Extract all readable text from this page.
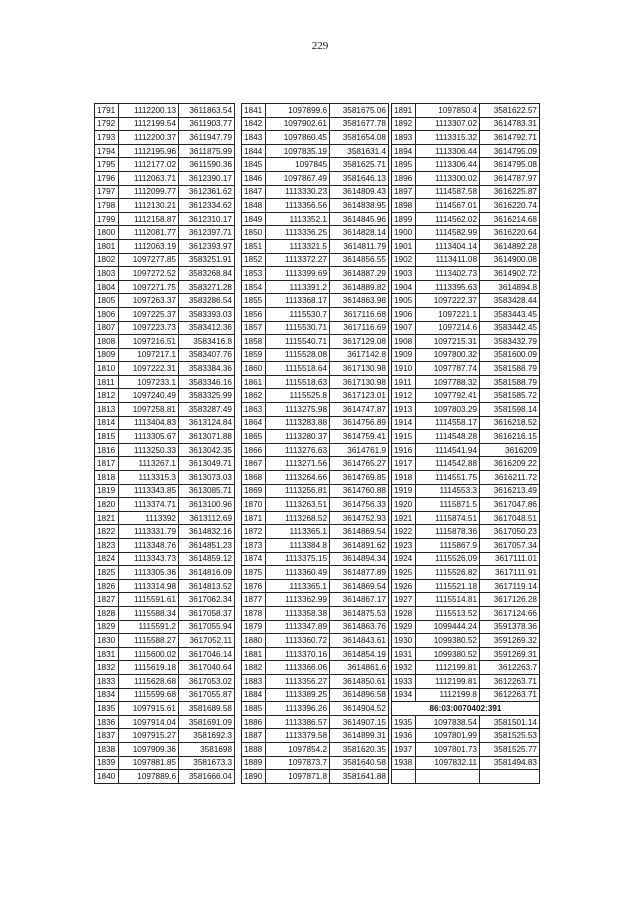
229
1791	1112200.13	3611863.54
1792	1112199.54	3611903.77
1793	1112200.37	3611947.79
1794	1112195.96	3611875.99
1795	1112177.02	3611590.36
1796	1112063.71	3612390.17
1797	1112099.77	3612361.62
1798	1112130.21	3612334.62
1799	1112158.87	3612310.17
1800	1112081.77	3612397.71
1801	1112063.19	3612393.97
1802	1097277.85	3583251.91
1803	1097272.52	3583268.84
1804	1097271.75	3583271.28
1805	1097263.37	3583286.54
1806	1097225.37	3583393.03
1807	1097223.73	3583412.36
1808	1097216.51	3583416.8
1809	1097217.1	3583407.76
1810	1097222.31	3583384.36
1811	1097233.1	3583346.16
1812	1097240.49	3583325.99
1813	1097258.81	3583287.49
1814	1113404.83	3613124.84
1815	1113305.67	3613071.88
1816	1113250.33	3613042.35
1817	1113267.1	3613049.71
1818	1113315.3	3613073.03
1819	1113343.85	3613085.71
1820	1113374.71	3613100.96
1821	1113392	3613112.69
1822	1113331.79	3614832.16
1823	1113348.76	3614851.23
1824	1113343.73	3614859.12
1825	1113305.36	3614816.09
1826	1113314.98	3614813.52
1827	1115591.61	3617062.34
1828	1115588.34	3617058.37
1829	1115591.2	3617055.94
1830	1115588.27	3617052.11
1831	1115600.02	3617046.14
1832	1115619.18	3617040.64
1833	1115628.68	3617053.02
1834	1115599.68	3617055.87
1835	1097915.61	3581689.58
1836	1097914.04	3581691.09
1837	1097915.27	3581692.3
1838	1097909.36	3581698
1839	1097881.85	3581673.3
1840	1097889.6	3581666.04
1841	1097899.6	3581675.06
1842	1097902.61	3581677.78
1843	1097860.45	3581654.08
1844	1097835.19	3581631.4
1845	1097845	3581625.71
1846	1097867.49	3581646.13
1847	1113330.23	3614809.43
1848	1113356.56	3614838.95
1849	1113352.1	3614845.96
1850	1113336.25	3614828.14
1851	1113321.5	3614811.79
1852	1113372.27	3614856.55
1853	1113399.69	3614887.29
1854	1113391.2	3614889.82
1855	1113368.17	3614863.98
1856	1115530.7	3617116.68
1857	1115530.71	3617116.69
1858	1115540.71	3617129.08
1859	1115528.08	3617142.8
1860	1115518.64	3617130.98
1861	1115518.63	3617130.98
1862	1115525.8	3617123.01
1863	1113275.98	3614747.87
1864	1113283.88	3614756.89
1865	1113280.37	3614759.41
1866	1113276.63	3614761.9
1867	1113271.56	3614765.27
1868	1113264.66	3614769.85
1869	1113256.81	3614760.88
1870	1113263.51	3614756.33
1871	1113268.52	3614752.93
1872	1113365.1	3614869.54
1873	1113384.8	3614891.62
1874	1113375.15	3614894.34
1875	1113360.49	3614877.89
1876	1113365.1	3614869.54
1877	1113362.99	3614867.17
1878	1113358.38	3614875.53
1879	1113347.89	3614863.76
1880	1113360.72	3614843.61
1881	1113370.16	3614854.19
1882	1113366.06	3614861.6
1883	1113356.27	3614850.61
1884	1113389.25	3614896.58
1885	1113396.26	3614904.52
1886	1113386.57	3614907.15
1887	1113379.58	3614899.31
1888	1097854.2	3581620.35
1889	1097873.7	3581640.58
1890	1097871.8	3581641.88
1891	1097850.4	3581622.57
1892	1113307.02	3614783.31
1893	1113315.32	3614792.71
1894	1113306.44	3614795.09
1895	1113306.44	3614795.08
1896	1113300.02	3614787.97
1897	1114587.58	3616225.87
1898	1114567.01	3616220.74
1899	1114562.02	3616214.68
1900	1114582.99	3616220.64
1901	1113404.14	3614892.28
1902	1113411.08	3614900.08
1903	1113402.73	3614902.72
1904	1113395.63	3614894.8
1905	1097222.37	3583428.44
1906	1097221.1	3583443.45
1907	1097214.6	3583442.45
1908	1097215.31	3583432.79
1909	1097800.32	3581600.09
1910	1097787.74	3581588.79
1911	1097788.32	3581588.79
1912	1097792.41	3581585.72
1913	1097803.29	3581598.14
1914	1114558.17	3616218.52
1915	1114548.28	3616216.15
1916	1114541.94	3616209
1917	1114542.88	3616209.22
1918	1114551.75	3616211.72
1919	1114553.3	3616213.49
1920	1115871.5	3617047.86
1921	1115874.51	3617048.51
1922	1115878.36	3617050.23
1923	1115867.9	3617057.34
1924	1115526.09	3617111.01
1925	1115526.82	3617111.91
1926	1115521.18	3617119.14
1927	1115514.81	3617126.28
1928	1115513.52	3617124.66
1929	1099444.24	3591378.36
1930	1099380.52	3591269.32
1931	1099380.52	3591269.31
1932	1112199.81	3612263.7
1933	1112199.81	3612263.71
1934	1112199.8	3612263.71
86:03:0070402:391		
1935	1097838.54	3581501.14
1936	1097801.99	3581525.53
1937	1097801.73	3581525.77
1938	1097832.11	3581494.83
